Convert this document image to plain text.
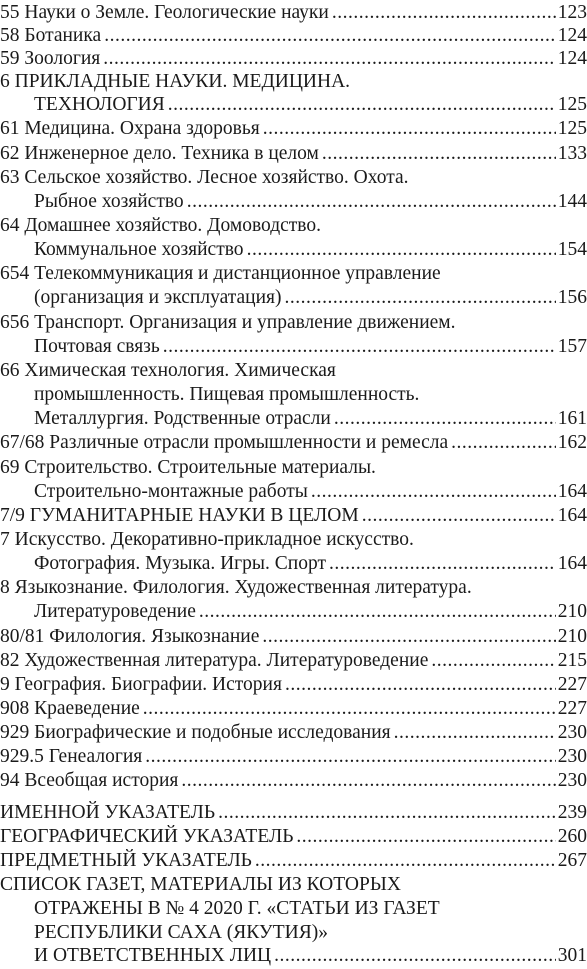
55 Науки о Земле. Геологические науки .....	123
58 Ботаника .....	124
59 Зоология .....	124
6 ПРИКЛАДНЫЕ НАУКИ. МЕДИЦИНА.
ТЕХНОЛОГИЯ .....	125
61 Медицина. Охрана здоровья .....	125
62 Инженерное дело. Техника в целом .....	133
63 Сельское хозяйство. Лесное хозяйство. Охота.
Рыбное хозяйство .....	144
64 Домашнее хозяйство. Домоводство.
Коммунальное хозяйство .....	154
654 Телекоммуникация и дистанционное управление
(организация и эксплуатация) .....	156
656 Транспорт. Организация и управление движением.
Почтовая связь .....	157
66 Химическая технология. Химическая
промышленность. Пищевая промышленность.
Металлургия. Родственные отрасли .....	161
67/68 Различные отрасли промышленности и ремесла .....	162
69 Строительство. Строительные материалы.
Строительно-монтажные работы .....	164
7/9 ГУМАНИТАРНЫЕ НАУКИ В ЦЕЛОМ .....	164
7 Искусство. Декоративно-прикладное искусство.
Фотография. Музыка. Игры. Спорт .....	164
8 Языкознание. Филология. Художественная литература.
Литературоведение .....	210
80/81 Филология. Языкознание .....	210
82 Художественная литература. Литературоведение .....	215
9 География. Биографии. История .....	227
908 Краеведение .....	227
929 Биографические и подобные исследования .....	230
929.5 Генеалогия .....	230
94 Всеобщая история .....	230
ИМЕННОЙ УКАЗАТЕЛЬ .....	239
ГЕОГРАФИЧЕСКИЙ УКАЗАТЕЛЬ .....	260
ПРЕДМЕТНЫЙ УКАЗАТЕЛЬ .....	267
СПИСОК ГАЗЕТ, МАТЕРИАЛЫ ИЗ КОТОРЫХ
ОТРАЖЕНЫ В № 4 2020 Г. «СТАТЬИ ИЗ ГАЗЕТ
РЕСПУБЛИКИ САХА (ЯКУТИЯ)»
И ОТВЕТСТВЕННЫХ ЛИЦ .....	301
